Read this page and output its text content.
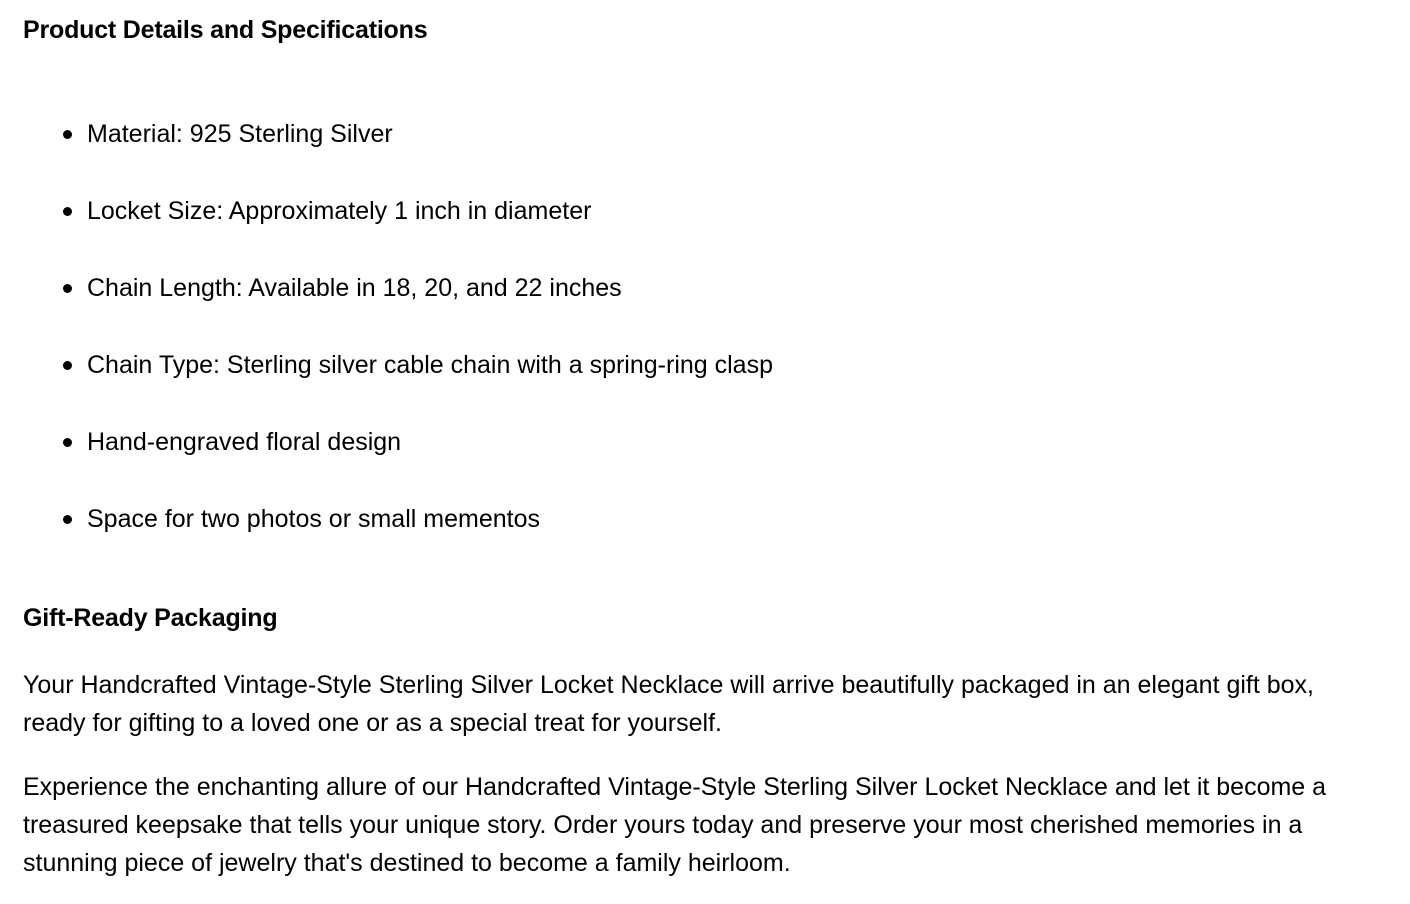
Product Details and Specifications
Material: 925 Sterling Silver
Locket Size: Approximately 1 inch in diameter
Chain Length: Available in 18, 20, and 22 inches
Chain Type: Sterling silver cable chain with a spring-ring clasp
Hand-engraved floral design
Space for two photos or small mementos
Gift-Ready Packaging

Your Handcrafted Vintage-Style Sterling Silver Locket Necklace will arrive beautifully packaged in an elegant gift box, ready for gifting to a loved one or as a special treat for yourself.

Experience the enchanting allure of our Handcrafted Vintage-Style Sterling Silver Locket Necklace and let it become a treasured keepsake that tells your unique story. Order yours today and preserve your most cherished memories in a stunning piece of jewelry that's destined to become a family heirloom.
